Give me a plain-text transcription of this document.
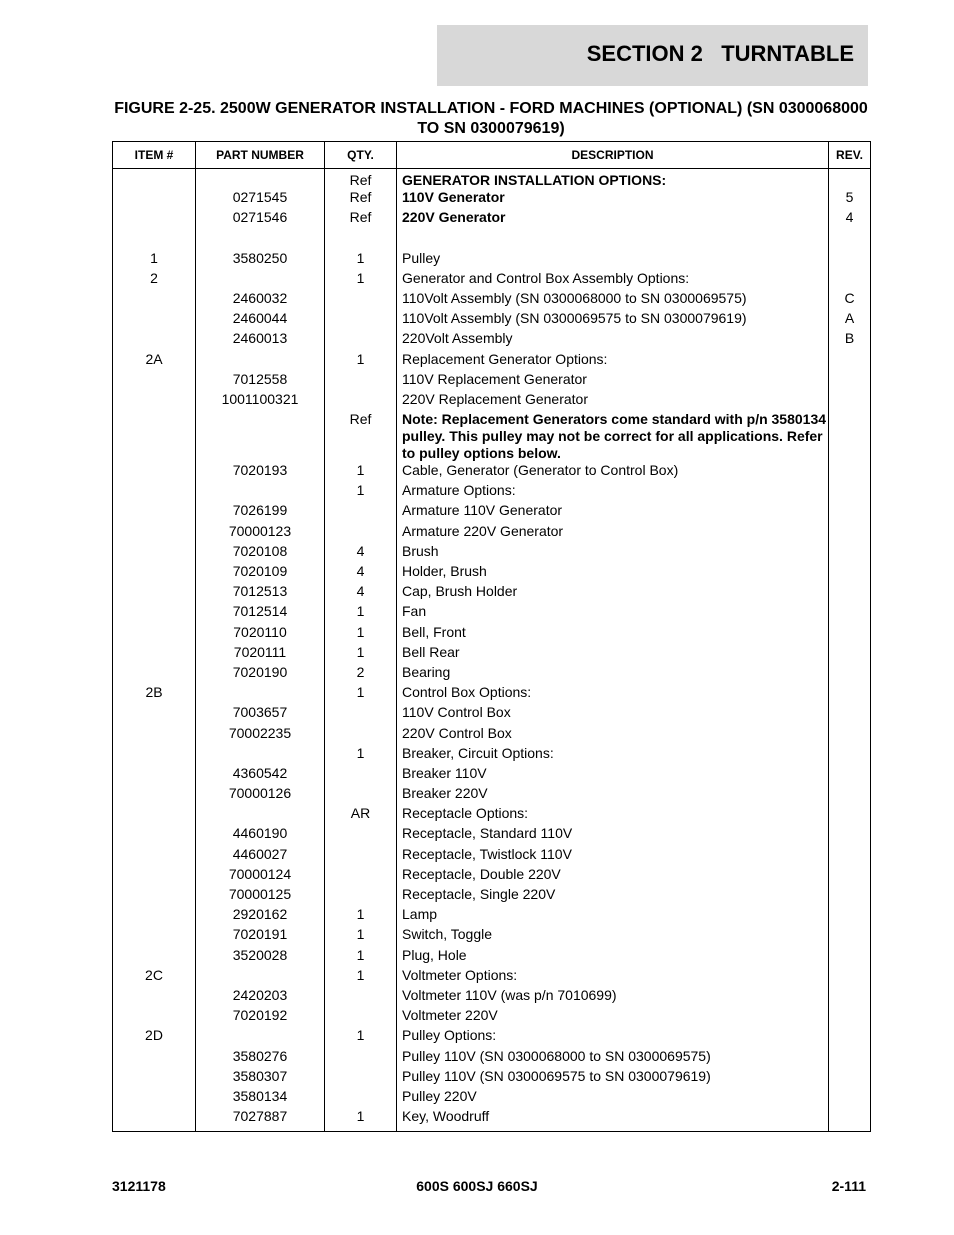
SECTION 2   TURNTABLE
FIGURE 2-25. 2500W GENERATOR INSTALLATION - FORD MACHINES (OPTIONAL) (SN 0300068000 TO SN 0300079619)
ITEM #	PART NUMBER	QTY.	DESCRIPTION	REV.
		Ref	GENERATOR INSTALLATION OPTIONS:	
	0271545	Ref	110V Generator	5
	0271546	Ref	220V Generator	4

1	3580250	1	Pulley	
2		1	Generator and Control Box Assembly Options:	
	2460032		110Volt Assembly (SN 0300068000 to SN 0300069575)	C
	2460044		110Volt Assembly (SN 0300069575 to SN 0300079619)	A
	2460013		220Volt Assembly	B
2A		1	Replacement Generator Options:	
	7012558		110V Replacement Generator	
	1001100321		220V Replacement Generator	
		Ref	Note: Replacement Generators come standard with p/n 3580134 pulley. This pulley may not be correct for all applications. Refer to pulley options below.	
	7020193	1	Cable, Generator (Generator to Control Box)	
		1	Armature Options:	
	7026199		Armature 110V Generator	
	70000123		Armature 220V Generator	
	7020108	4	Brush	
	7020109	4	Holder, Brush	
	7012513	4	Cap, Brush Holder	
	7012514	1	Fan	
	7020110	1	Bell, Front	
	7020111	1	Bell Rear	
	7020190	2	Bearing	
2B		1	Control Box Options:	
	7003657		110V Control Box	
	70002235		220V Control Box	
		1	Breaker, Circuit Options:	
	4360542		Breaker 110V	
	70000126		Breaker 220V	
		AR	Receptacle Options:	
	4460190		Receptacle, Standard 110V	
	4460027		Receptacle, Twistlock 110V	
	70000124		Receptacle, Double 220V	
	70000125		Receptacle, Single 220V	
	2920162	1	Lamp	
	7020191	1	Switch, Toggle	
	3520028	1	Plug, Hole	
2C		1	Voltmeter Options:	
	2420203		Voltmeter 110V (was p/n 7010699)	
	7020192		Voltmeter 220V	
2D		1	Pulley Options:	
	3580276		Pulley 110V (SN 0300068000 to SN 0300069575)	
	3580307		Pulley 110V (SN 0300069575 to SN 0300079619)	
	3580134		Pulley 220V	
	7027887	1	Key, Woodruff	
3121178	600S 600SJ 660SJ	2-111
